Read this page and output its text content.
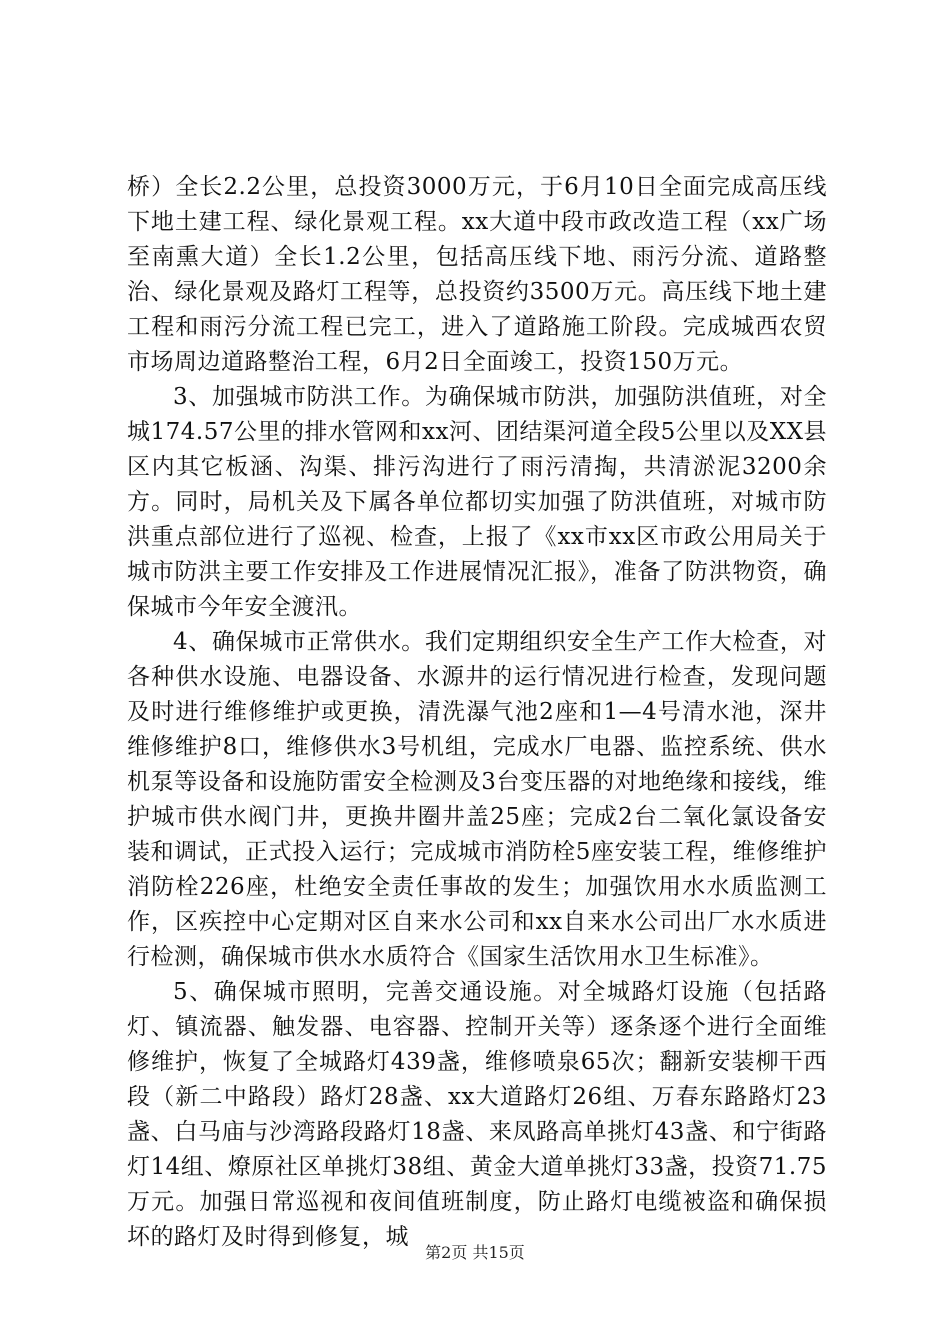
桥）全长2.2公里，总投资3000万元，于6月10日全面完成高压线下地土建工程、绿化景观工程。xx大道中段市政改造工程（xx广场至南熏大道）全长1.2公里，包括高压线下地、雨污分流、道路整治、绿化景观及路灯工程等，总投资约3500万元。高压线下地土建工程和雨污分流工程已完工，进入了道路施工阶段。完成城西农贸市场周边道路整治工程，6月2日全面竣工，投资150万元。

3、加强城市防洪工作。为确保城市防洪，加强防洪值班，对全城174.57公里的排水管网和xx河、团结渠河道全段5公里以及XX县区内其它板涵、沟渠、排污沟进行了雨污清掏，共清淤泥3200余方。同时，局机关及下属各单位都切实加强了防洪值班，对城市防洪重点部位进行了巡视、检查，上报了《xx市xx区市政公用局关于城市防洪主要工作安排及工作进展情况汇报》，准备了防洪物资，确保城市今年安全渡汛。

4、确保城市正常供水。我们定期组织安全生产工作大检查，对各种供水设施、电器设备、水源井的运行情况进行检查，发现问题及时进行维修维护或更换，清洗瀑气池2座和1—4号清水池，深井维修维护8口，维修供水3号机组，完成水厂电器、监控系统、供水机泵等设备和设施防雷安全检测及3台变压器的对地绝缘和接线，维护城市供水阀门井，更换井圈井盖25座；完成2台二氧化氯设备安装和调试，正式投入运行；完成城市消防栓5座安装工程，维修维护消防栓226座，杜绝安全责任事故的发生；加强饮用水水质监测工作，区疾控中心定期对区自来水公司和xx自来水公司出厂水水质进行检测，确保城市供水水质符合《国家生活饮用水卫生标准》。

5、确保城市照明，完善交通设施。对全城路灯设施（包括路灯、镇流器、触发器、电容器、控制开关等）逐条逐个进行全面维修维护，恢复了全城路灯439盏，维修喷泉65次；翻新安装柳干西段（新二中路段）路灯28盏、xx大道路灯26组、万春东路路灯23盏、白马庙与沙湾路段路灯18盏、来凤路高单挑灯43盏、和宁街路灯14组、燎原社区单挑灯38组、黄金大道单挑灯33盏，投资71.75万元。加强日常巡视和夜间值班制度，防止路灯电缆被盗和确保损坏的路灯及时得到修复，城

第2页 共15页
